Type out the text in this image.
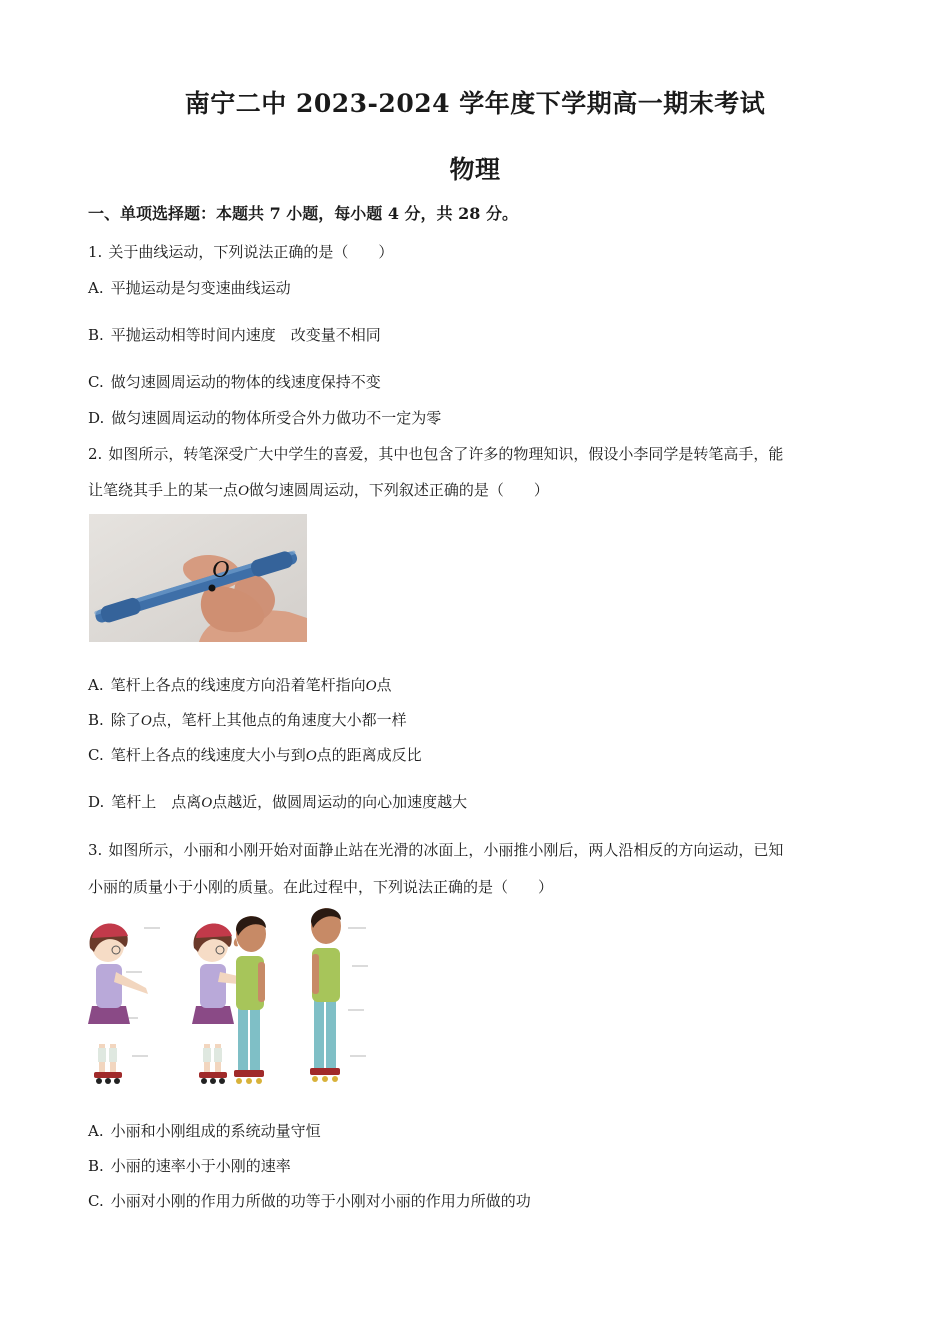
南宁二中 2023-2024 学年度下学期高一期末考试
物理
一、单项选择题：本题共 7 小题，每小题 4 分，共 28 分。
1. 关于曲线运动，下列说法正确的是（　　）
A. 平抛运动是匀变速曲线运动
B. 平抛运动相等时间内速度　改变量不相同
C. 做匀速圆周运动的物体的线速度保持不变
D. 做匀速圆周运动的物体所受合外力做功不一定为零
2. 如图所示，转笔深受广大中学生的喜爱，其中也包含了许多的物理知识，假设小李同学是转笔高手，能
让笔绕其手上的某一点O做匀速圆周运动，下列叙述正确的是（　　）
O
A. 笔杆上各点的线速度方向沿着笔杆指向O点
B. 除了O点，笔杆上其他点的角速度大小都一样
C. 笔杆上各点的线速度大小与到O点的距离成反比
D. 笔杆上　点离O点越近，做圆周运动的向心加速度越大
3. 如图所示，小丽和小刚开始对面静止站在光滑的冰面上，小丽推小刚后，两人沿相反的方向运动，已知
小丽的质量小于小刚的质量。在此过程中，下列说法正确的是（　　）
A. 小丽和小刚组成的系统动量守恒
B. 小丽的速率小于小刚的速率
C. 小丽对小刚的作用力所做的功等于小刚对小丽的作用力所做的功
